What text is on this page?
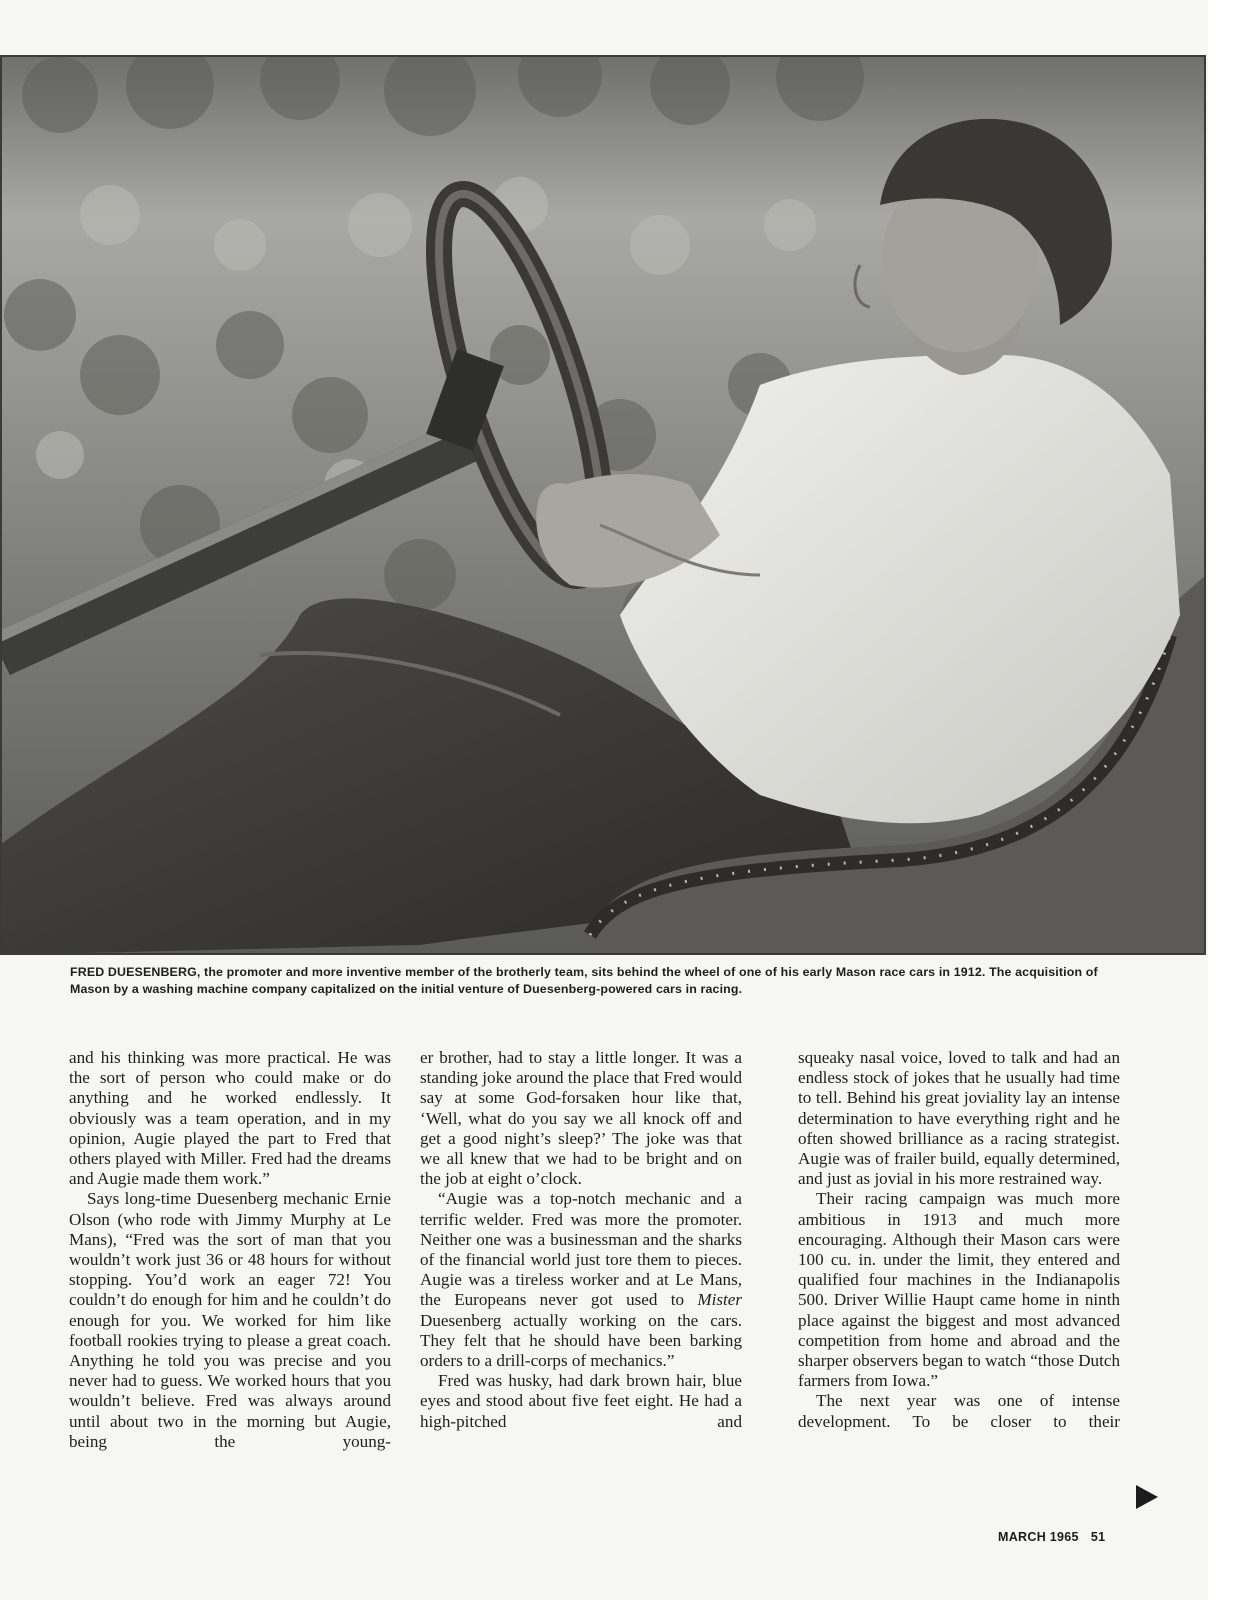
FRED DUESENBERG, the promoter and more inventive member of the brotherly team, sits behind the wheel of one of his early Mason race cars in 1912. The acquisition of Mason by a washing machine company capitalized on the initial venture of Duesenberg-powered cars in racing.

and his thinking was more practical. He was the sort of person who could make or do anything and he worked endlessly. It obviously was a team operation, and in my opinion, Augie played the part to Fred that others played with Miller. Fred had the dreams and Augie made them work.”

Says long-time Duesenberg mechanic Ernie Olson (who rode with Jimmy Murphy at Le Mans), “Fred was the sort of man that you wouldn’t work just 36 or 48 hours for without stopping. You’d work an eager 72! You couldn’t do enough for him and he couldn’t do enough for you. We worked for him like football rookies trying to please a great coach. Anything he told you was precise and you never had to guess. We worked hours that you wouldn’t believe. Fred was always around until about two in the morning but Augie, being the young-

er brother, had to stay a little longer. It was a standing joke around the place that Fred would say at some God-forsaken hour like that, ‘Well, what do you say we all knock off and get a good night’s sleep?’ The joke was that we all knew that we had to be bright and on the job at eight o’clock.

“Augie was a top-notch mechanic and a terrific welder. Fred was more the promoter. Neither one was a businessman and the sharks of the financial world just tore them to pieces. Augie was a tireless worker and at Le Mans, the Europeans never got used to Mister Duesenberg actually working on the cars. They felt that he should have been barking orders to a drill-corps of mechanics.”

Fred was husky, had dark brown hair, blue eyes and stood about five feet eight. He had a high-pitched and

squeaky nasal voice, loved to talk and had an endless stock of jokes that he usually had time to tell. Behind his great joviality lay an intense determination to have everything right and he often showed brilliance as a racing strategist. Augie was of frailer build, equally determined, and just as jovial in his more restrained way.

Their racing campaign was much more ambitious in 1913 and much more encouraging. Although their Mason cars were 100 cu. in. under the limit, they entered and qualified four machines in the Indianapolis 500. Driver Willie Haupt came home in ninth place against the biggest and most advanced competition from home and abroad and the sharper observers began to watch “those Dutch farmers from Iowa.”

The next year was one of intense development. To be closer to their

MARCH 1965 51
